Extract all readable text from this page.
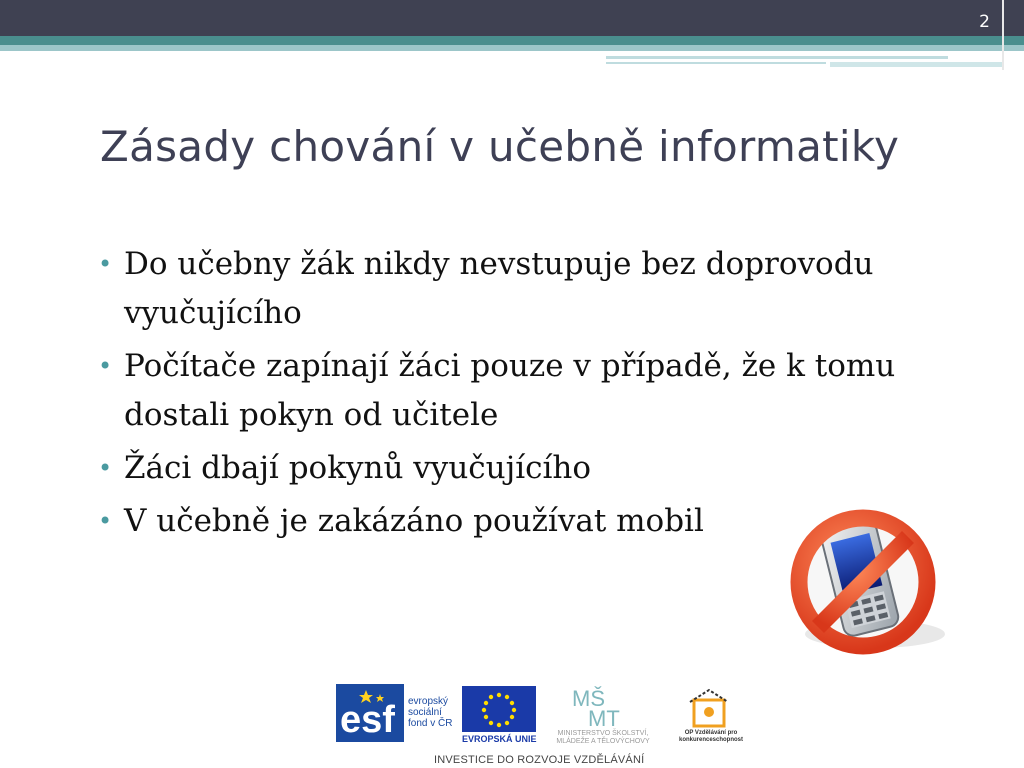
2
Zásady chování v učebně informatiky
• Do učebny žák nikdy nevstupuje bez doprovodu vyučujícího
• Počítače zapínají žáci pouze v případě, že k tomu dostali pokyn od učitele
• Žáci dbají pokynů vyučujícího
• V učebně je zakázáno používat mobil
esf evropský sociální fond v ČR
EVROPSKÁ UNIE
MŠ
MT
MINISTERSTVO ŠKOLSTVÍ, MLÁDEŽE A TĚLOVÝCHOVY
OP Vzdělávání pro konkurenceschopnost
INVESTICE DO ROZVOJE VZDĚLÁVÁNÍ
